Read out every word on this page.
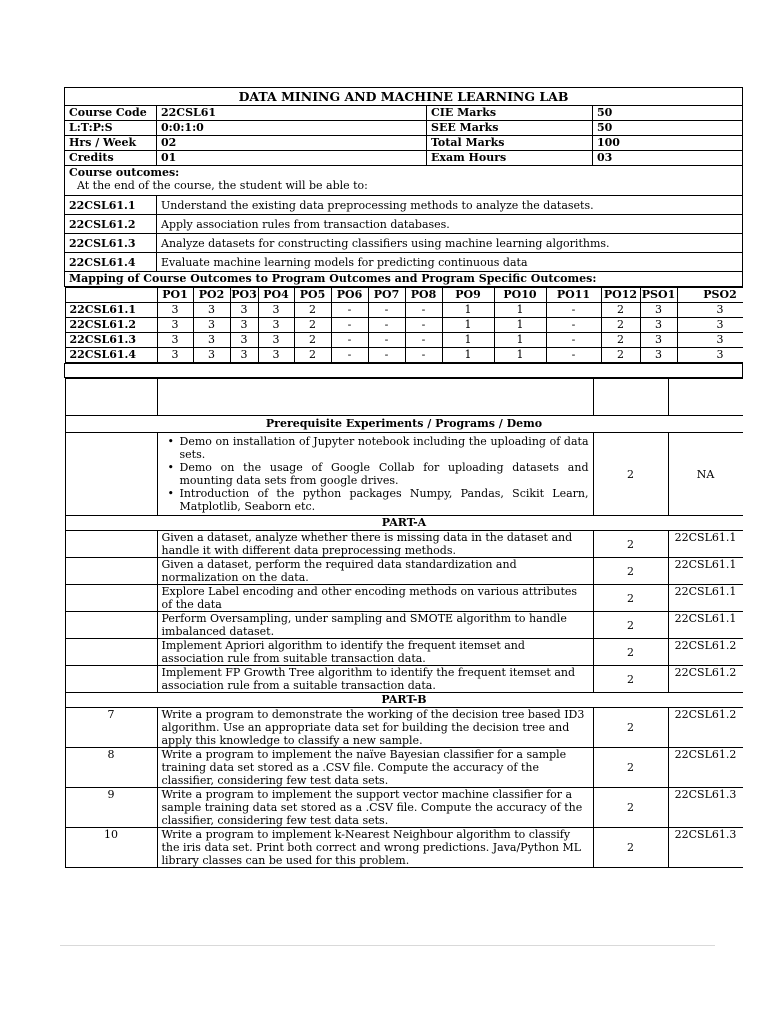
DATA MINING AND MACHINE LEARNING LAB
Course Code	22CSL61	CIE Marks	50
L:T:P:S	0:0:1:0	SEE Marks	50
Hrs / Week	02	Total Marks	100
Credits	01	Exam Hours	03

Course outcomes:
At the end of the course, the student will be able to:

22CSL61.1	Understand the existing data preprocessing methods to analyze the datasets.
22CSL61.2	Apply association rules from transaction databases.
22CSL61.3	Analyze datasets for constructing classifiers using machine learning algorithms.
22CSL61.4	Evaluate machine learning models for predicting continuous data
Mapping of Course Outcomes to Program Outcomes and Program Specific Outcomes:

	PO1	PO2	PO3	PO4	PO5	PO6	PO7	PO8	PO9	PO10	PO11	PO12	PSO1	PSO2
22CSL61.1	3	3	3	3	2	-	-	-	1	1	-	2	3	3
22CSL61.2	3	3	3	3	2	-	-	-	1	1	-	2	3	3
22CSL61.3	3	3	3	3	2	-	-	-	1	1	-	2	3	3
22CSL61.4	3	3	3	3	2	-	-	-	1	1	-	2	3	3

Prerequisite Experiments / Programs / Demo

• Demo on installation of Jupyter notebook including the uploading of data sets.
• Demo on the usage of Google Collab for uploading datasets and mounting data sets from google drives.
• Introduction of the python packages Numpy, Pandas, Scikit Learn, Matplotlib, Seaborn etc.
	2	NA
PART-A
	Given a dataset, analyze whether there is missing data in the dataset and handle it with different data preprocessing methods.	2	22CSL61.1
	Given a dataset, perform the required data standardization and normalization on the data.	2	22CSL61.1
	Explore Label encoding and other encoding methods on various attributes of the data	2	22CSL61.1
	Perform Oversampling, under sampling and SMOTE algorithm to handle imbalanced dataset.	2	22CSL61.1
	Implement Apriori algorithm to identify the frequent itemset and association rule from suitable transaction data.	2	22CSL61.2
	Implement FP Growth Tree algorithm to identify the frequent itemset and association rule from a suitable transaction data.	2	22CSL61.2
PART-B
7	Write a program to demonstrate the working of the decision tree based ID3 algorithm. Use an appropriate data set for building the decision tree and apply this knowledge to classify a new sample.	2	22CSL61.2
8	Write a program to implement the naïve Bayesian classifier for a sample training data set stored as a .CSV file. Compute the accuracy of the classifier, considering few test data sets.	2	22CSL61.2
9	Write a program to implement the support vector machine classifier for a sample training data set stored as a .CSV file. Compute the accuracy of the classifier, considering few test data sets.	2	22CSL61.3
10	Write a program to implement k-Nearest Neighbour algorithm to classify the iris data set. Print both correct and wrong predictions. Java/Python ML library classes can be used for this problem.	2	22CSL61.3
